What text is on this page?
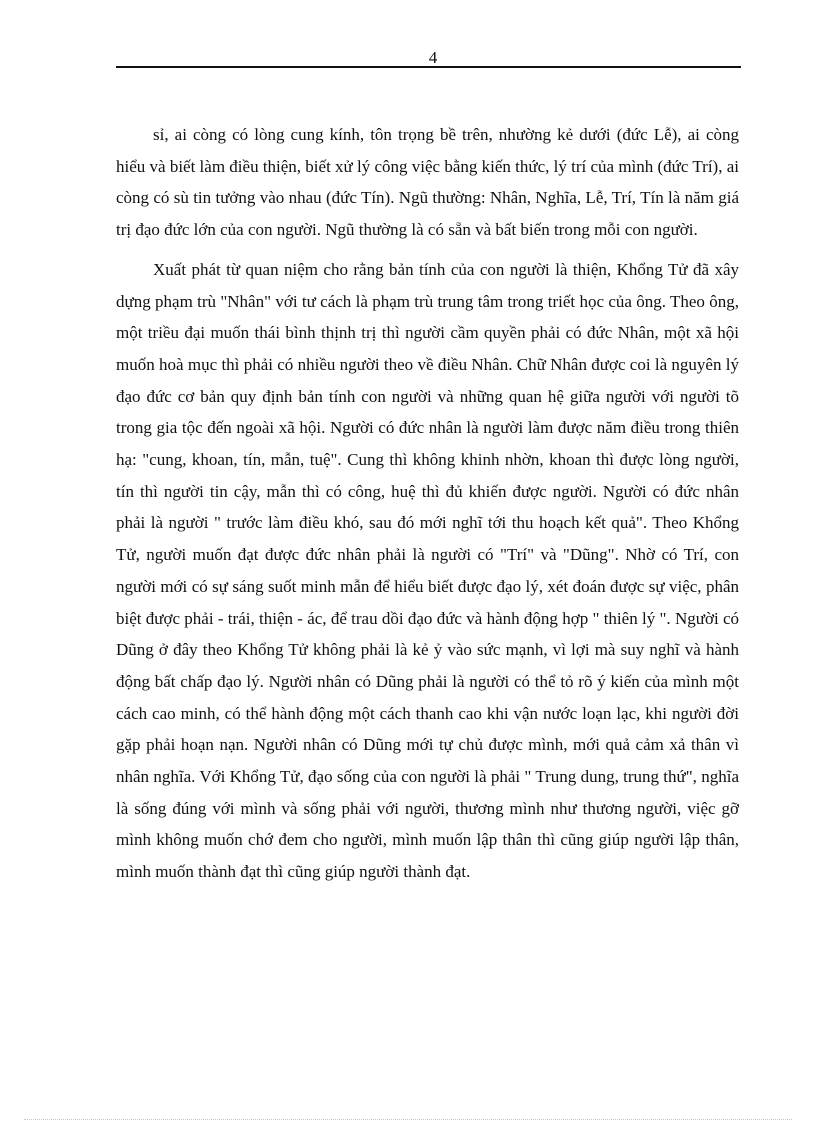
4

sỉ, ai còng có lòng cung kính, tôn trọng bề trên, nhường kẻ dưới (đức Lễ), ai còng hiểu và biết làm điều thiện, biết xử lý công việc bằng kiến thức, lý trí của mình (đức Trí), ai còng có sù tin tưởng vào nhau (đức Tín). Ngũ thường: Nhân, Nghĩa, Lễ, Trí, Tín là năm giá trị đạo đức lớn của con người. Ngũ thường là có sẵn và bất biến trong mỗi con người.

Xuất phát từ quan niệm cho rằng bản tính của con người là thiện, Khổng Tử đã xây dựng phạm trù "Nhân" với tư cách là phạm trù trung tâm trong triết học của ông. Theo ông, một triều đại muốn thái bình thịnh trị thì người cầm quyền phải có đức Nhân, một xã hội muốn hoà mục thì phải có nhiều người theo về điều Nhân. Chữ Nhân được coi là nguyên lý đạo đức cơ bản quy định bản tính con người và những quan hệ giữa người với người tõ trong gia tộc đến ngoài xã hội. Người có đức nhân là người làm được năm điều trong thiên hạ: "cung, khoan, tín, mẫn, tuệ". Cung thì không khinh nhờn, khoan thì được lòng người, tín thì người tin cậy, mẫn thì có công, huệ thì đủ khiến được người. Người có đức nhân phải là người " trước làm điều khó, sau đó mới nghĩ tới thu hoạch kết quả". Theo Khổng Tử, người muốn đạt được đức nhân phải là người có "Trí" và "Dũng". Nhờ có Trí, con người mới có sự sáng suốt minh mẫn để hiểu biết được đạo lý, xét đoán được sự việc, phân biệt được phải - trái, thiện - ác, để trau dồi đạo đức và hành động hợp " thiên lý ". Người có Dũng ở đây theo Khổng Tử không phải là kẻ ỷ vào sức mạnh, vì lợi mà suy nghĩ và hành động bất chấp đạo lý. Người nhân có Dũng phải là người có thể tỏ rõ ý kiến của mình một cách cao minh, có thể hành động một cách thanh cao khi vận nước loạn lạc, khi người đời gặp phải hoạn nạn. Người nhân có Dũng mới tự chủ được mình, mới quả cảm xả thân vì nhân nghĩa. Với Khổng Tử, đạo sống của con người là phải " Trung dung, trung thứ", nghĩa là sống đúng với mình và sống phải với người, thương mình như thương người, việc gỡ mình không muốn chớ đem cho người, mình muốn lập thân thì cũng giúp người lập thân, mình muốn thành đạt thì cũng giúp người thành đạt.
